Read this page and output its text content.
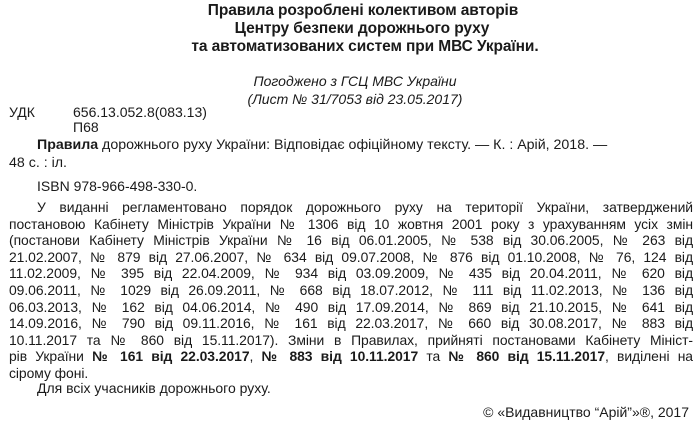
Правила розроблені колективом авторів
Центру безпеки дорожнього руху
та автоматизованих систем при МВС України.
Погоджено з ГСЦ МВС України
(Лист № 31/7053 від 23.05.2017)
УДК	656.13.052.8(083.13)
П68
Правила дорожнього руху України: Відповідає офіційному тексту. — К. : Арій, 2018. —
48 с. : іл.
ISBN 978-966-498-330-0.
У виданні регламентовано порядок дорожнього руху на території України, затверджений
постановою Кабінету Міністрів України № 1306 від 10 жовтня 2001 року з урахуванням усіх змін
(постанови Кабінету Міністрів України № 16 від 06.01.2005, № 538 від 30.06.2005, № 263 від
21.02.2007, № 879 від 27.06.2007, № 634 від 09.07.2008, № 876 від 01.10.2008, № 76, 124 від
11.02.2009, № 395 від 22.04.2009, № 934 від 03.09.2009, № 435 від 20.04.2011, № 620 від
09.06.2011, № 1029 від 26.09.2011, № 668 від 18.07.2012, № 111 від 11.02.2013, № 136 від
06.03.2013, № 162 від 04.06.2014, № 490 від 17.09.2014, № 869 від 21.10.2015, № 641 від
14.09.2016, № 790 від 09.11.2016, № 161 від 22.03.2017, № 660 від 30.08.2017, № 883 від
10.11.2017 та № 860 від 15.11.2017). Зміни в Правилах, прийняті постановами Кабінету Мініст-
рів України № 161 від 22.03.2017, № 883 від 10.11.2017 та № 860 від 15.11.2017, виділені на
сірому фоні.
Для всіх учасників дорожнього руху.
© «Видавництво “Арій”»®, 2017
